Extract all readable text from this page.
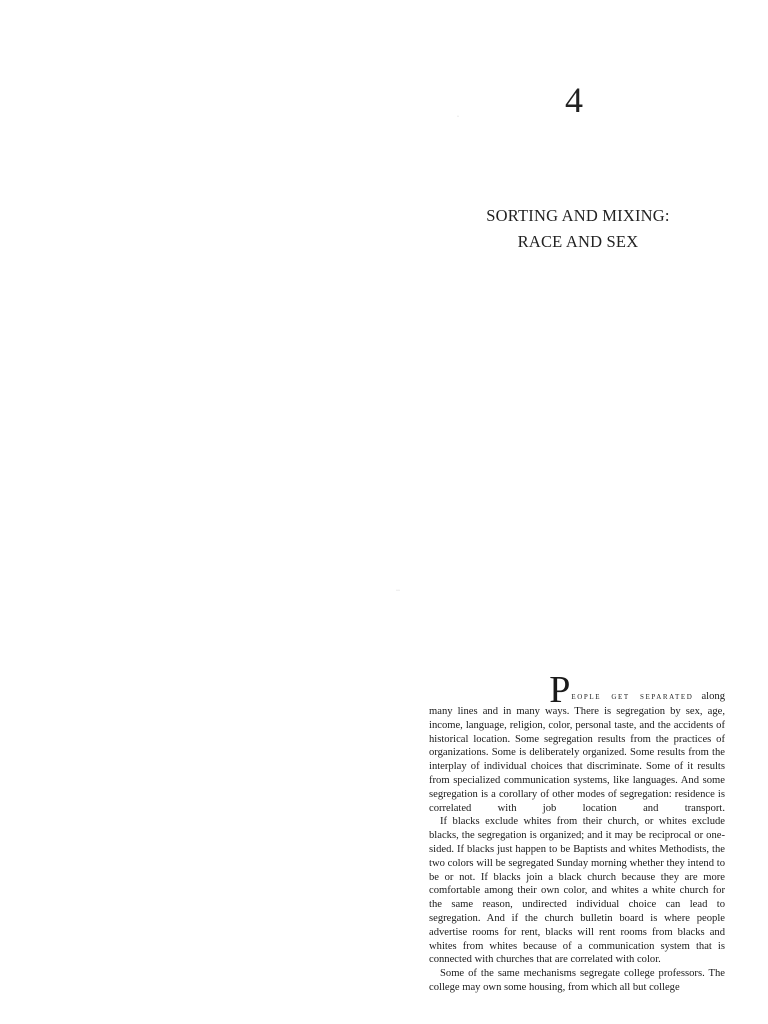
4
SORTING AND MIXING:
RACE AND SEX
·
··
P eople get separated along

many lines and in many ways. There is segregation by sex, age, income, language, religion, color, personal taste, and the accidents of historical location. Some segregation results from the practices of organizations. Some is deliberately organized. Some results from the interplay of individual choices that discriminate. Some of it results from specialized communication systems, like languages. And some segregation is a corollary of other modes of segregation: residence is correlated with job location and transport.

If blacks exclude whites from their church, or whites exclude blacks, the segregation is organized; and it may be reciprocal or one-sided. If blacks just happen to be Baptists and whites Methodists, the two colors will be segregated Sunday morning whether they intend to be or not. If blacks join a black church because they are more comfortable among their own color, and whites a white church for the same reason, undirected individual choice can lead to segregation. And if the church bulletin board is where people advertise rooms for rent, blacks will rent rooms from blacks and whites from whites because of a communication system that is connected with churches that are correlated with color.

Some of the same mechanisms segregate college professors. The college may own some housing, from which all but college
